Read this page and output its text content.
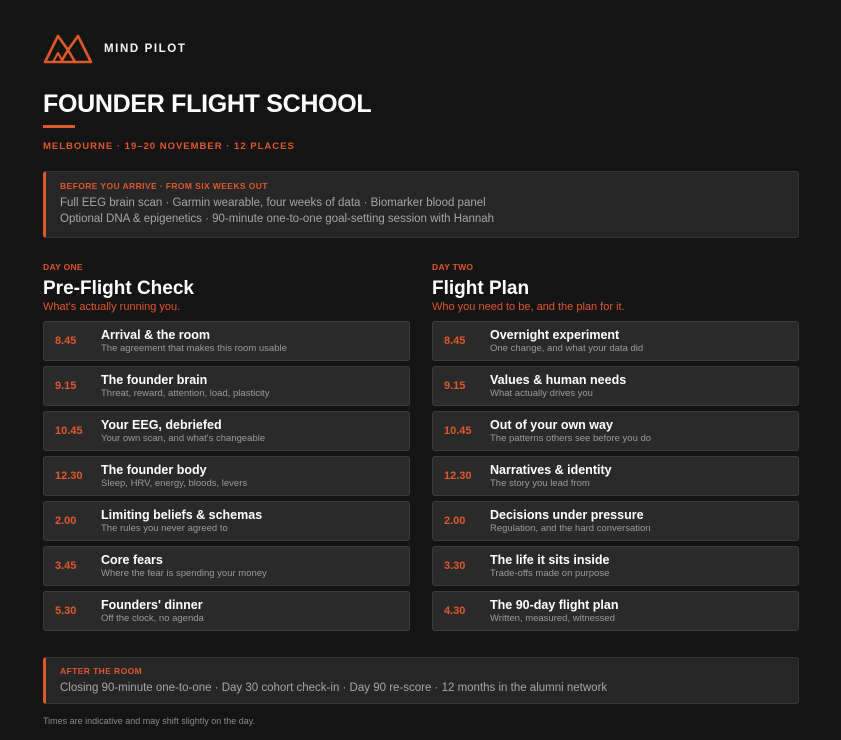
MIND PILOT
FOUNDER FLIGHT SCHOOL
MELBOURNE · 19–20 NOVEMBER · 12 PLACES
BEFORE YOU ARRIVE · FROM SIX WEEKS OUT
Full EEG brain scan · Garmin wearable, four weeks of data · Biomarker blood panel
Optional DNA & epigenetics · 90-minute one-to-one goal-setting session with Hannah
DAY ONE
Pre-Flight Check
What's actually running you.
8.45	Arrival & the room
The agreement that makes this room usable
9.15	The founder brain
Threat, reward, attention, load, plasticity
10.45	Your EEG, debriefed
Your own scan, and what's changeable
12.30	The founder body
Sleep, HRV, energy, bloods, levers
2.00	Limiting beliefs & schemas
The rules you never agreed to
3.45	Core fears
Where the fear is spending your money
5.30	Founders' dinner
Off the clock, no agenda
DAY TWO
Flight Plan
Who you need to be, and the plan for it.
8.45	Overnight experiment
One change, and what your data did
9.15	Values & human needs
What actually drives you
10.45	Out of your own way
The patterns others see before you do
12.30	Narratives & identity
The story you lead from
2.00	Decisions under pressure
Regulation, and the hard conversation
3.30	The life it sits inside
Trade-offs made on purpose
4.30	The 90-day flight plan
Written, measured, witnessed
AFTER THE ROOM
Closing 90-minute one-to-one · Day 30 cohort check-in · Day 90 re-score · 12 months in the alumni network
Times are indicative and may shift slightly on the day.
